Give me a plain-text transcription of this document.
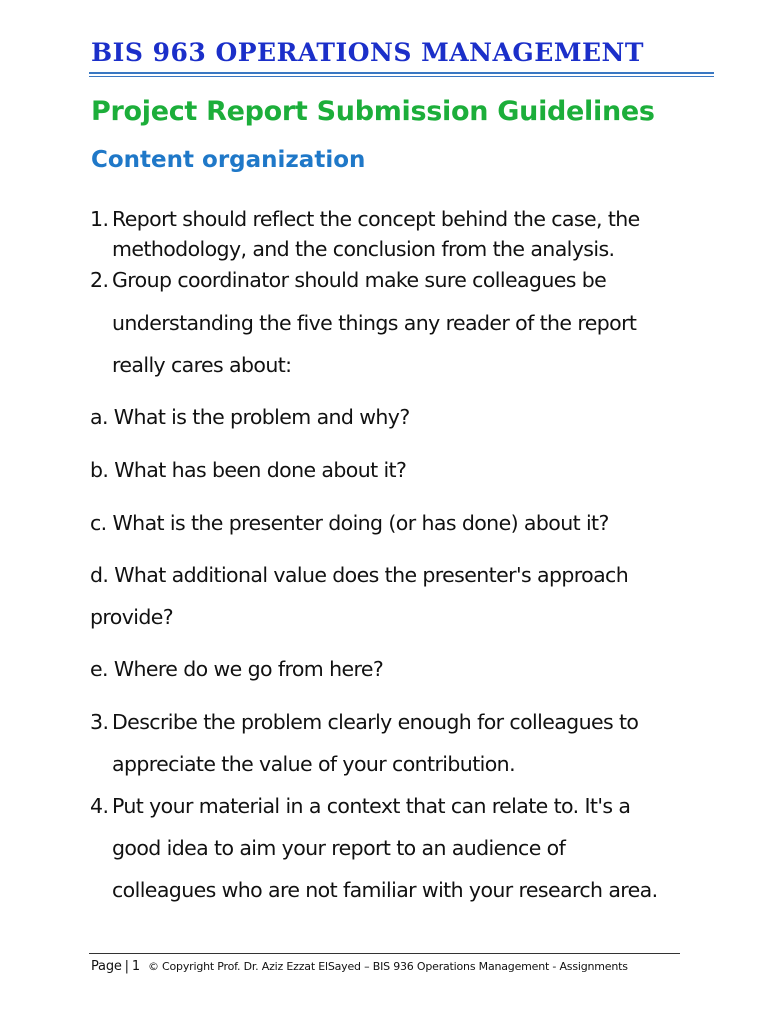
BIS 963 OPERATIONS MANAGEMENT
Project Report Submission Guidelines
Content organization
1. Report should reflect the concept behind the case, the
methodology, and the conclusion from the analysis.
2. Group coordinator should make sure colleagues be
understanding the five things any reader of the report
really cares about:
a. What is the problem and why?
b. What has been done about it?
c. What is the presenter doing (or has done) about it?
d. What additional value does the presenter's approach
provide?
e. Where do we go from here?
3. Describe the problem clearly enough for colleagues to
appreciate the value of your contribution.
4. Put your material in a context that can relate to. It's a
good idea to aim your report to an audience of
colleagues who are not familiar with your research area.
Page | 1 © Copyright Prof. Dr. Aziz Ezzat ElSayed – BIS 936 Operations Management - Assignments
